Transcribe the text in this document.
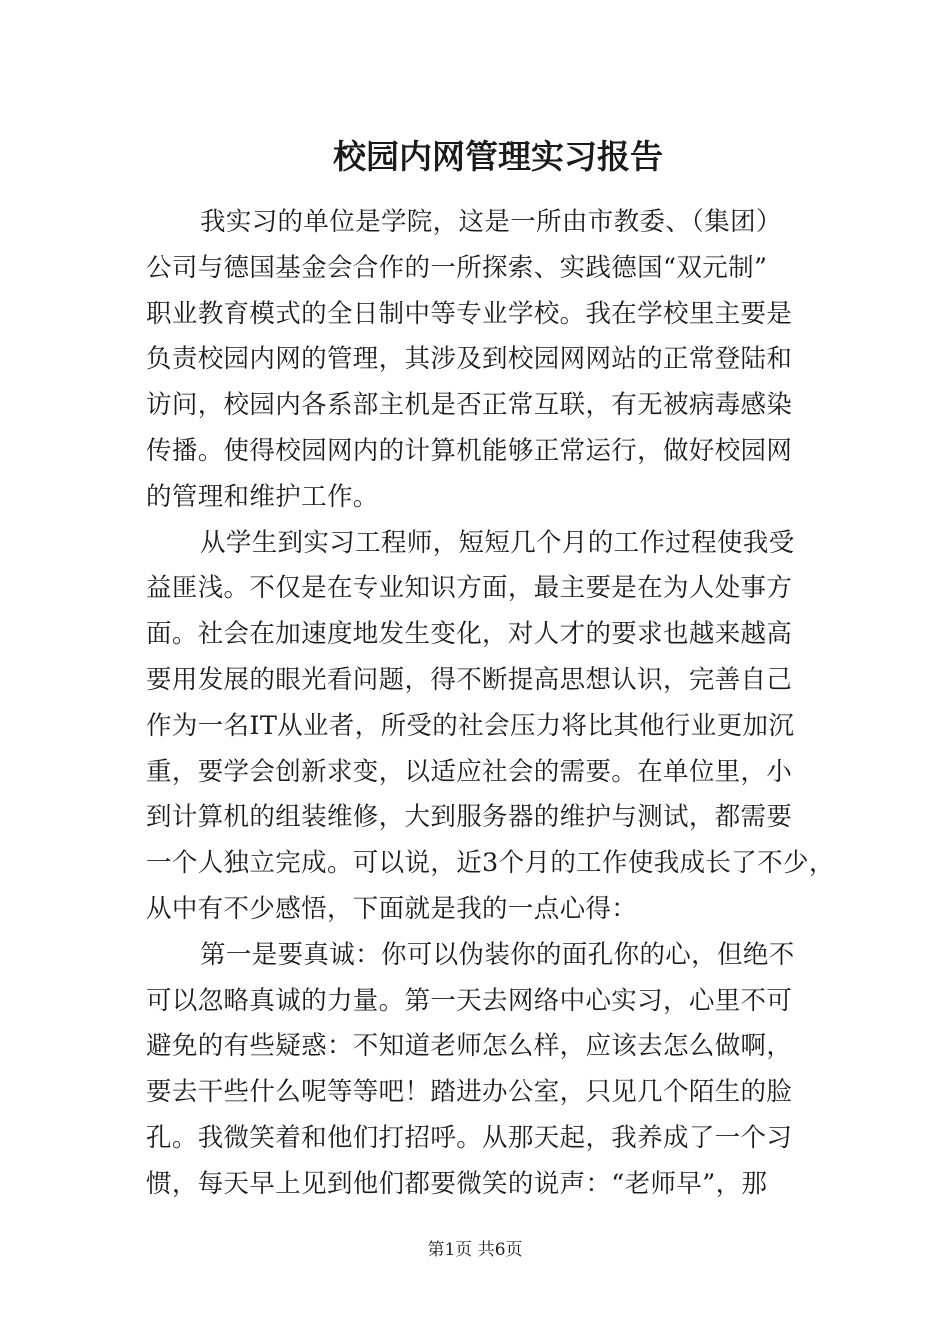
校园内网管理实习报告

我实习的单位是学院，这是一所由市教委、（集团）
公司与德国基金会合作的一所探索、实践德国“双元制”
职业教育模式的全日制中等专业学校。我在学校里主要是
负责校园内网的管理，其涉及到校园网网站的正常登陆和
访问，校园内各系部主机是否正常互联，有无被病毒感染
传播。使得校园网内的计算机能够正常运行，做好校园网
的管理和维护工作。

从学生到实习工程师，短短几个月的工作过程使我受
益匪浅。不仅是在专业知识方面，最主要是在为人处事方
面。社会在加速度地发生变化，对人才的要求也越来越高
要用发展的眼光看问题，得不断提高思想认识，完善自己
作为一名IT从业者，所受的社会压力将比其他行业更加沉
重，要学会创新求变，以适应社会的需要。在单位里，小
到计算机的组装维修，大到服务器的维护与测试，都需要
一个人独立完成。可以说，近3个月的工作使我成长了不少，
从中有不少感悟，下面就是我的一点心得：

第一是要真诚：你可以伪装你的面孔你的心，但绝不
可以忽略真诚的力量。第一天去网络中心实习，心里不可
避免的有些疑惑：不知道老师怎么样，应该去怎么做啊，
要去干些什么呢等等吧！踏进办公室，只见几个陌生的脸
孔。我微笑着和他们打招呼。从那天起，我养成了一个习
惯，每天早上见到他们都要微笑的说声：“老师早”，那

第1页 共6页
